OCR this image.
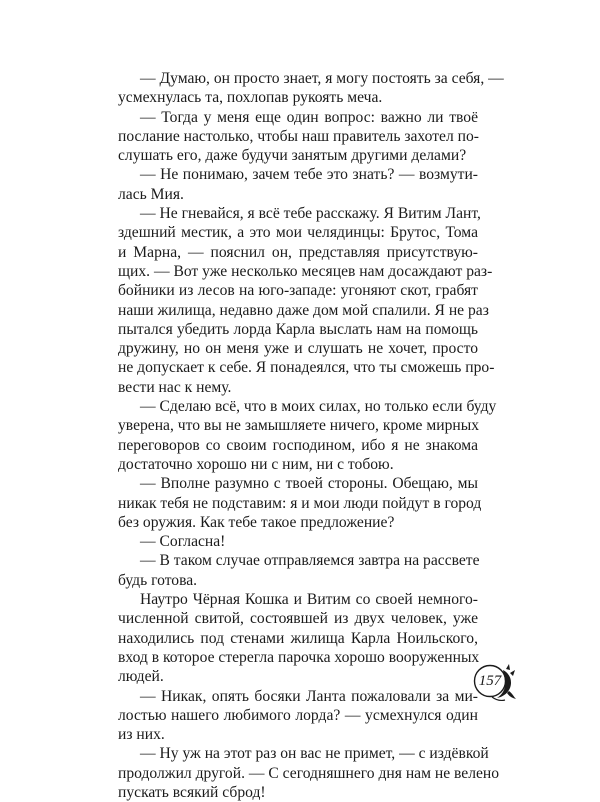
— Думаю, он просто знает, я могу постоять за себя, —
усмехнулась та, похлопав рукоять меча.
— Тогда у меня еще один вопрос: важно ли твоё
послание настолько, чтобы наш правитель захотел по-
слушать его, даже будучи занятым другими делами?
— Не понимаю, зачем тебе это знать? — возмути-
лась Мия.
— Не гневайся, я всё тебе расскажу. Я Витим Лант,
здешний местик, а это мои челядинцы: Брутос, Тома
и Марна, — пояснил он, представляя присутствую-
щих. — Вот уже несколько месяцев нам досаждают раз-
бойники из лесов на юго-западе: угоняют скот, грабят
наши жилища, недавно даже дом мой спалили. Я не раз
пытался убедить лорда Карла выслать нам на помощь
дружину, но он меня уже и слушать не хочет, просто
не допускает к себе. Я понадеялся, что ты сможешь про-
вести нас к нему.
— Сделаю всё, что в моих силах, но только если буду
уверена, что вы не замышляете ничего, кроме мирных
переговоров со своим господином, ибо я не знакома
достаточно хорошо ни с ним, ни с тобою.
— Вполне разумно с твоей стороны. Обещаю, мы
никак тебя не подставим: я и мои люди пойдут в город
без оружия. Как тебе такое предложение?
— Согласна!
— В таком случае отправляемся завтра на рассвете
будь готова.
Наутро Чёрная Кошка и Витим со своей немного-
численной свитой, состоявшей из двух человек, уже
находились под стенами жилища Карла Ноильского,
вход в которое стерегла парочка хорошо вооруженных
людей.
— Никак, опять босяки Ланта пожаловали за ми-
лостью нашего любимого лорда? — усмехнулся один
из них.
— Ну уж на этот раз он вас не примет, — с издёвкой
продолжил другой. — С сегодняшнего дня нам не велено
пускать всякий сброд!
157
